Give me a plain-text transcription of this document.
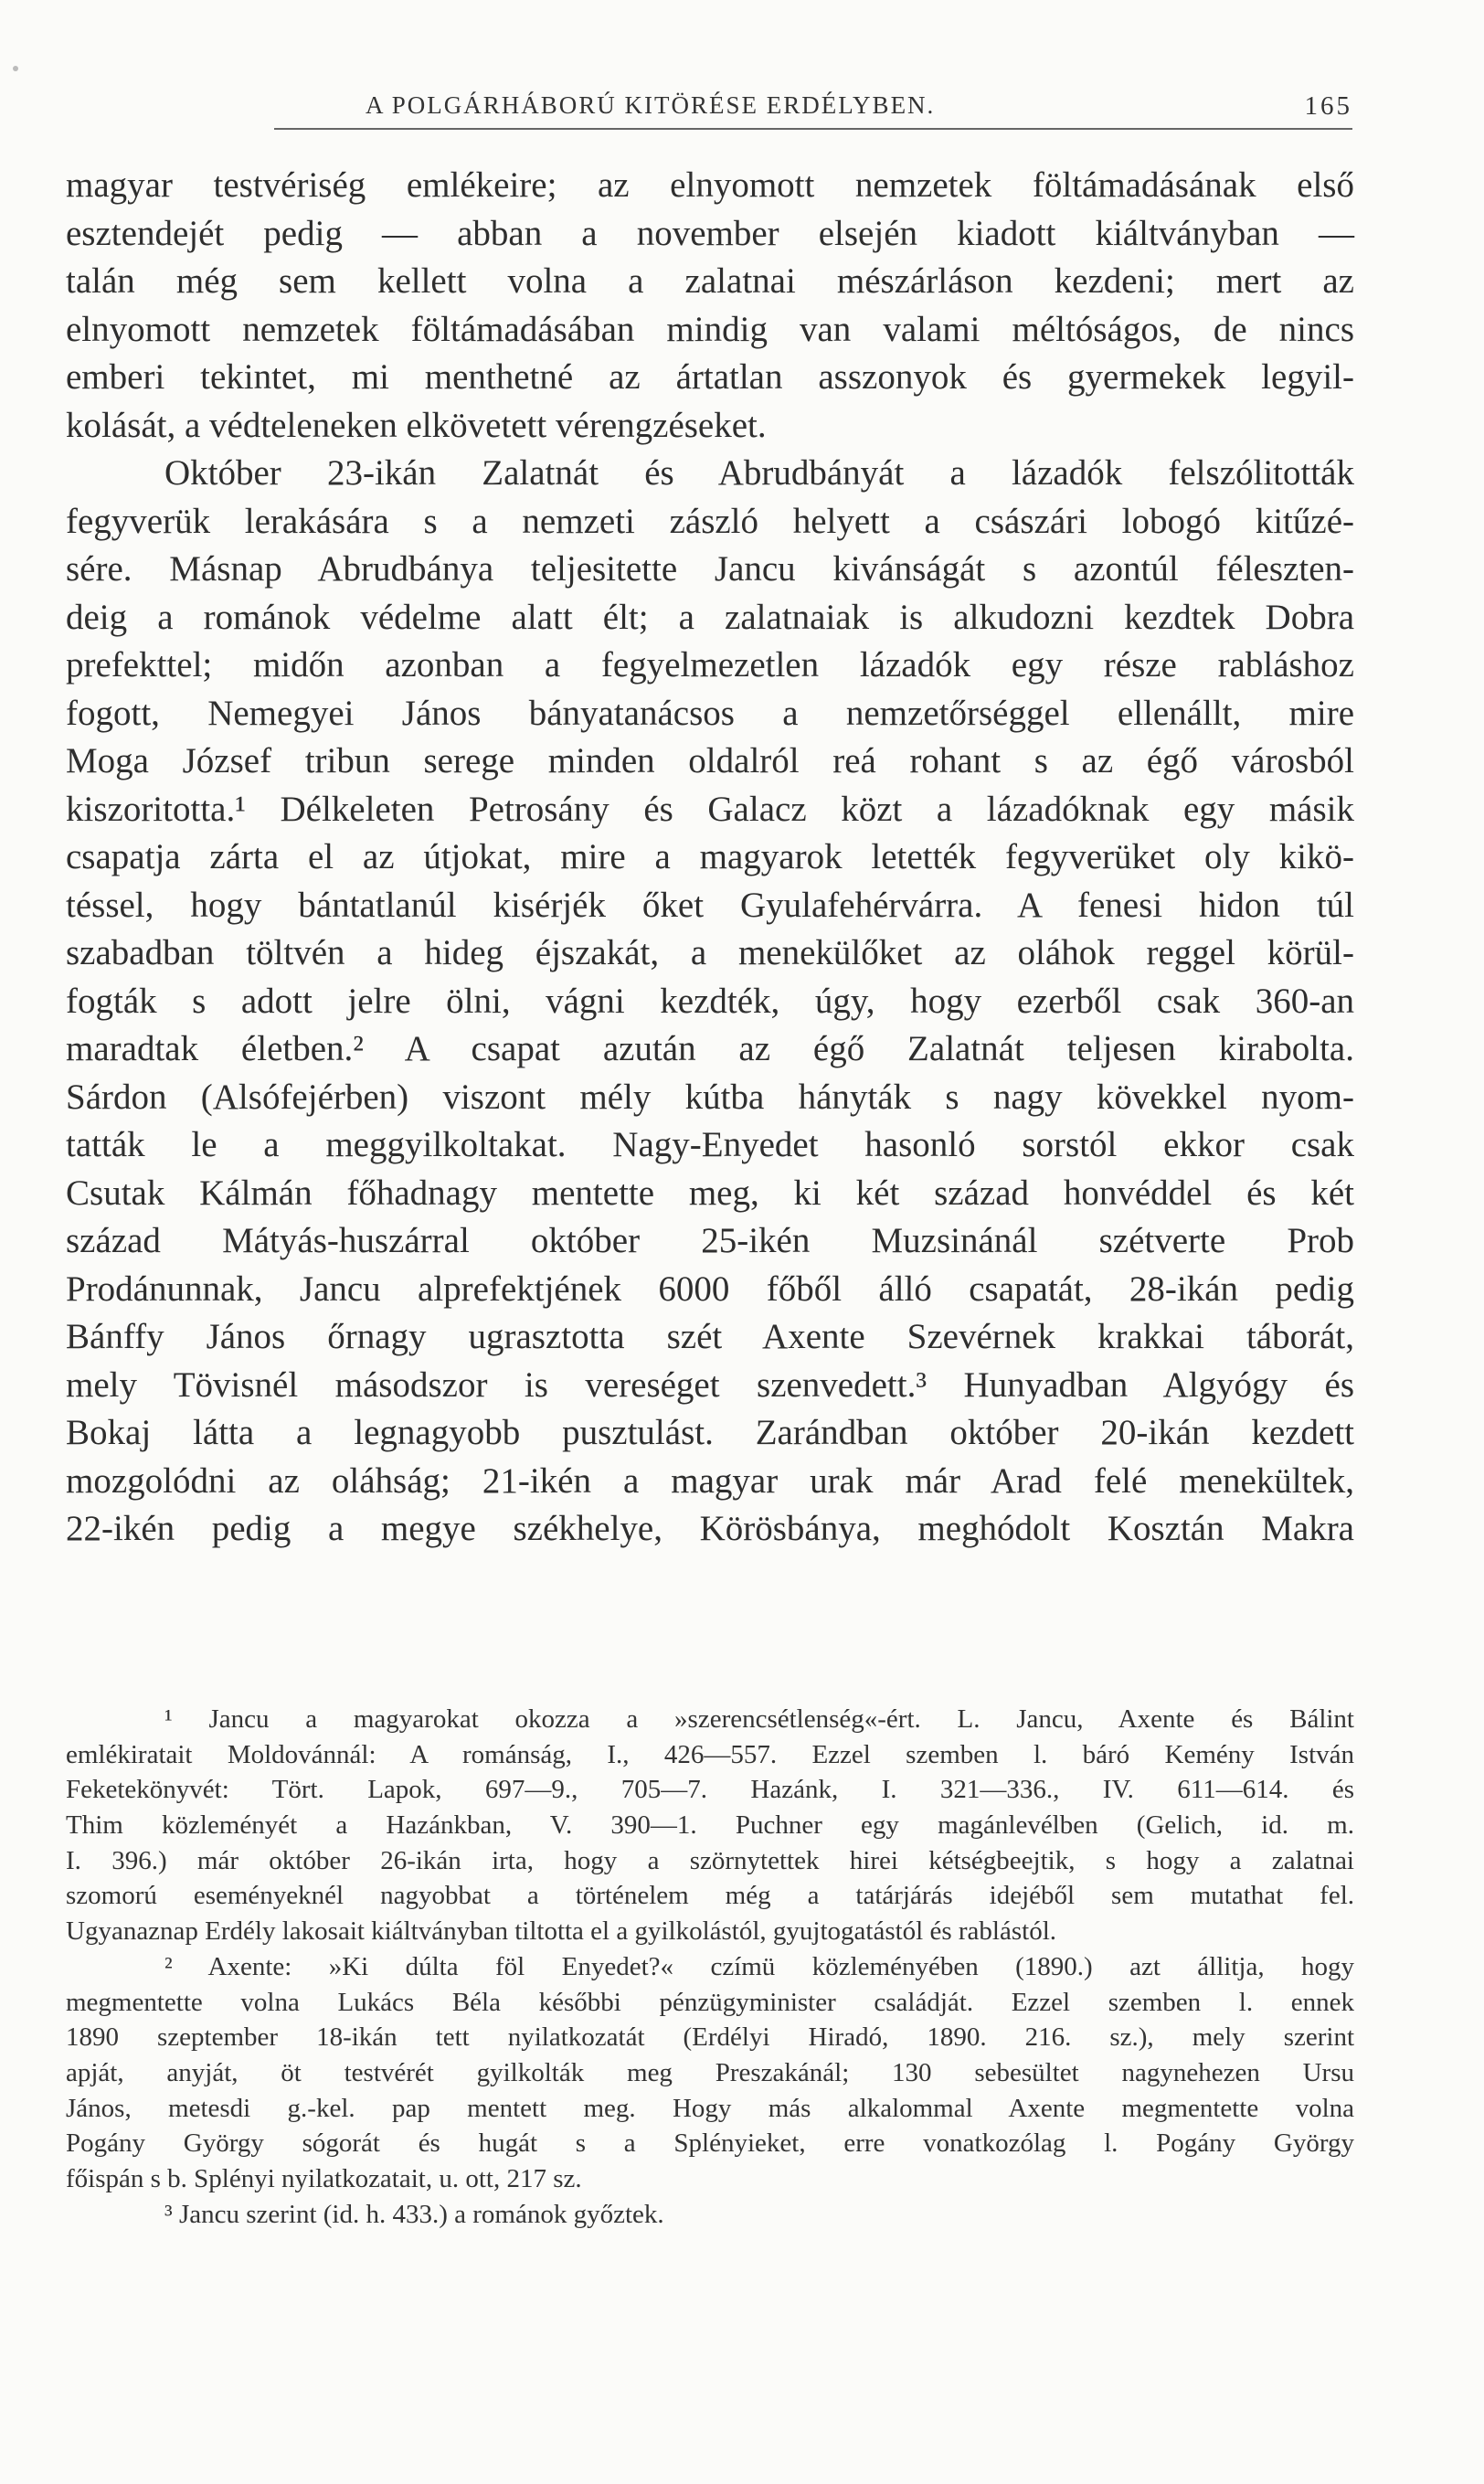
A POLGÁRHÁBORÚ KITÖRÉSE ERDÉLYBEN.	165
magyar testvériség emlékeire; az elnyomott nemzetek föltámadásának első
esztendejét pedig — abban a november elsején kiadott kiáltványban —
talán még sem kellett volna a zalatnai mészárláson kezdeni; mert az
elnyomott nemzetek föltámadásában mindig van valami méltóságos, de nincs
emberi tekintet, mi menthetné az ártatlan asszonyok és gyermekek legyil-
kolását, a védteleneken elkövetett vérengzéseket.
Október 23-ikán Zalatnát és Abrudbányát a lázadók felszólitották
fegyverük lerakására s a nemzeti zászló helyett a császári lobogó kitűzé-
sére. Másnap Abrudbánya teljesitette Jancu kivánságát s azontúl féleszten-
deig a románok védelme alatt élt; a zalatnaiak is alkudozni kezdtek Dobra
prefekttel; midőn azonban a fegyelmezetlen lázadók egy része rabláshoz
fogott, Nemegyei János bányatanácsos a nemzetőrséggel ellenállt, mire
Moga József tribun serege minden oldalról reá rohant s az égő városból
kiszoritotta.¹ Délkeleten Petrosány és Galacz közt a lázadóknak egy másik
csapatja zárta el az útjokat, mire a magyarok letették fegyverüket oly kikö-
téssel, hogy bántatlanúl kisérjék őket Gyulafehérvárra. A fenesi hidon túl
szabadban töltvén a hideg éjszakát, a menekülőket az oláhok reggel körül-
fogták s adott jelre ölni, vágni kezdték, úgy, hogy ezerből csak 360-an
maradtak életben.² A csapat azután az égő Zalatnát teljesen kirabolta.
Sárdon (Alsófejérben) viszont mély kútba hányták s nagy kövekkel nyom-
tatták le a meggyilkoltakat. Nagy-Enyedet hasonló sorstól ekkor csak
Csutak Kálmán főhadnagy mentette meg, ki két század honvéddel és két
század Mátyás-huszárral október 25-ikén Muzsinánál szétverte Prob
Prodánunnak, Jancu alprefektjének 6000 főből álló csapatát, 28-ikán pedig
Bánffy János őrnagy ugrasztotta szét Axente Szevérnek krakkai táborát,
mely Tövisnél másodszor is vereséget szenvedett.³ Hunyadban Algyógy és
Bokaj látta a legnagyobb pusztulást. Zarándban október 20-ikán kezdett
mozgolódni az oláhság; 21-ikén a magyar urak már Arad felé menekültek,
22-ikén pedig a megye székhelye, Körösbánya, meghódolt Kosztán Makra
¹ Jancu a magyarokat okozza a »szerencsétlenség«-ért. L. Jancu, Axente és Bálint
emlékiratait Moldovánnál: A románság, I., 426—557. Ezzel szemben l. báró Kemény István
Feketekönyvét: Tört. Lapok, 697—9., 705—7. Hazánk, I. 321—336., IV. 611—614. és
Thim közleményét a Hazánkban, V. 390—1. Puchner egy magánlevélben (Gelich, id. m.
I. 396.) már október 26-ikán irta, hogy a szörnytettek hirei kétségbeejtik, s hogy a zalatnai
szomorú eseményeknél nagyobbat a történelem még a tatárjárás idejéből sem mutathat fel.
Ugyanaznap Erdély lakosait kiáltványban tiltotta el a gyilkolástól, gyujtogatástól és rablástól.
² Axente: »Ki dúlta föl Enyedet?« czímü közleményében (1890.) azt állitja, hogy
megmentette volna Lukács Béla későbbi pénzügyminister családját. Ezzel szemben l. ennek
1890 szeptember 18-ikán tett nyilatkozatát (Erdélyi Hiradó, 1890. 216. sz.), mely szerint
apját, anyját, öt testvérét gyilkolták meg Preszakánál; 130 sebesültet nagynehezen Ursu
János, metesdi g.-kel. pap mentett meg. Hogy más alkalommal Axente megmentette volna
Pogány György sógorát és hugát s a Splényieket, erre vonatkozólag l. Pogány György
főispán s b. Splényi nyilatkozatait, u. ott, 217 sz.
³ Jancu szerint (id. h. 433.) a románok győztek.
